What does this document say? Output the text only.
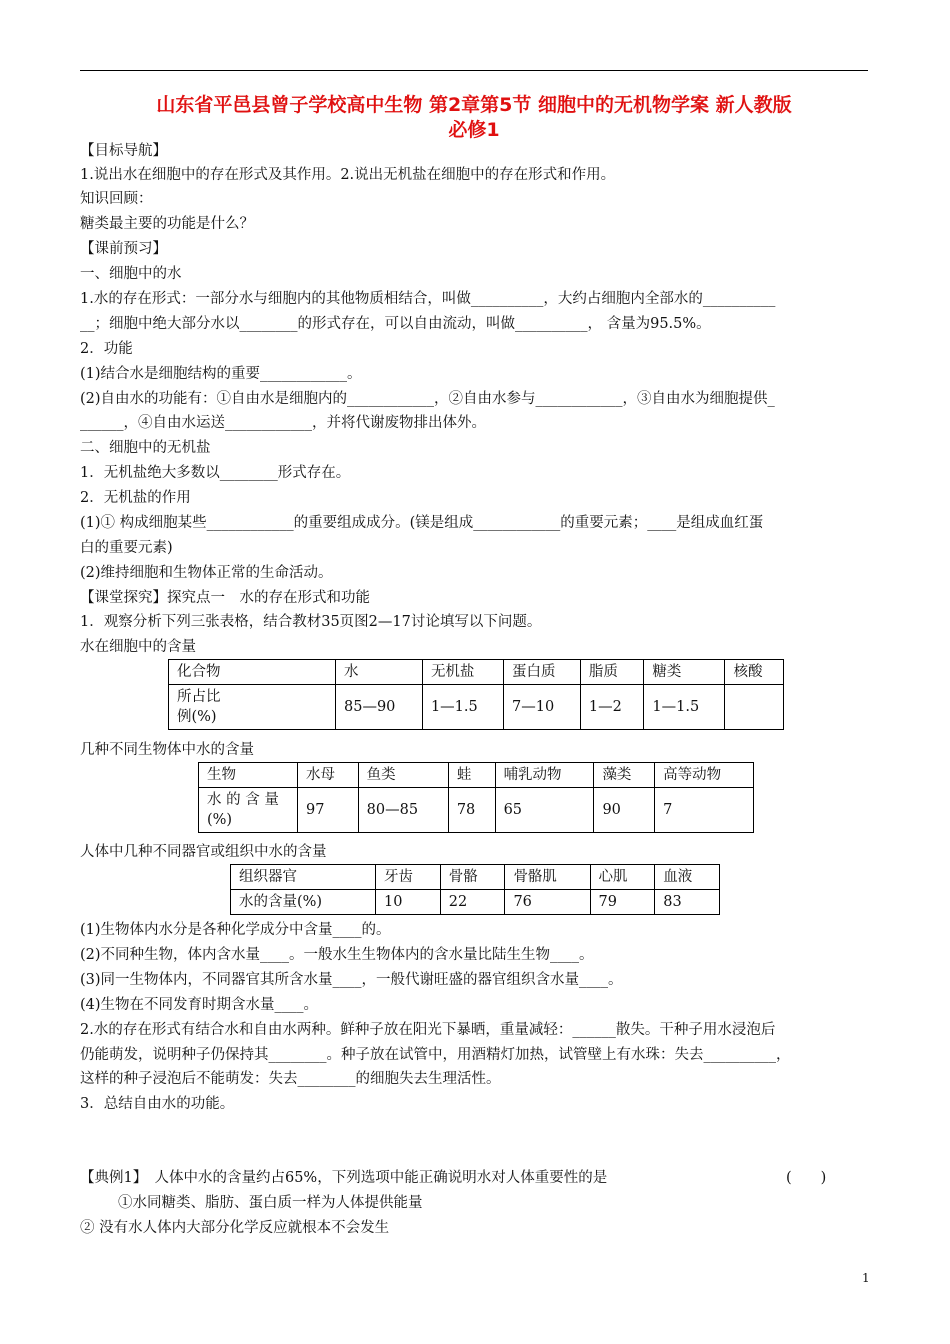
山东省平邑县曾子学校高中生物 第2章第5节 细胞中的无机物学案 新人教版
必修1
【目标导航】
1.说出水在细胞中的存在形式及其作用。2.说出无机盐在细胞中的存在形式和作用。
知识回顾：
糖类最主要的功能是什么？
【课前预习】
一、细胞中的水
1.水的存在形式：一部分水与细胞内的其他物质相结合，叫做__________，大约占细胞内全部水的__________
__；细胞中绝大部分水以________的形式存在，可以自由流动，叫做__________， 含量为95.5%。
2．功能
(1)结合水是细胞结构的重要____________。
(2)自由水的功能有：①自由水是细胞内的____________，②自由水参与____________，③自由水为细胞提供_
______，④自由水运送____________，并将代谢废物排出体外。
二、细胞中的无机盐
1．无机盐绝大多数以________形式存在。
2．无机盐的作用
(1)① 构成细胞某些____________的重要组成成分。(镁是组成____________的重要元素；____是组成血红蛋
白的重要元素)
(2)维持细胞和生物体正常的生命活动。
【课堂探究】探究点一　水的存在形式和功能
1．观察分析下列三张表格，结合教材35页图2—17讨论填写以下问题。
水在细胞中的含量
化合物	水	无机盐	蛋白质	脂质	糖类	核酸

所占比
例(%)	85—90	1—1.5	7—10	1—2	1—1.5	
几种不同生物体中水的含量
生物	水母	鱼类	蛙	哺乳动物	藻类	高等动物

水 的 含 量
(%)	97	80—85	78	65	90	7
人体中几种不同器官或组织中水的含量
组织器官	牙齿	骨骼	骨骼肌	心肌	血液
水的含量(%)	10	22	76	79	83
(1)生物体内水分是各种化学成分中含量____的。
(2)不同种生物，体内含水量____。一般水生生物体内的含水量比陆生生物____。
(3)同一生物体内，不同器官其所含水量____，一般代谢旺盛的器官组织含水量____。
(4)生物在不同发育时期含水量____。
2.水的存在形式有结合水和自由水两种。鲜种子放在阳光下暴晒，重量减轻：______散失。干种子用水浸泡后
仍能萌发，说明种子仍保持其________。种子放在试管中，用酒精灯加热，试管壁上有水珠：失去__________，
这样的种子浸泡后不能萌发：失去________的细胞失去生理活性。
3．总结自由水的功能。
【典例1】　人体中水的含量约占65%，下列选项中能正确说明水对人体重要性的是	(　　)
①水同糖类、脂肪、蛋白质一样为人体提供能量
② 没有水人体内大部分化学反应就根本不会发生
1
